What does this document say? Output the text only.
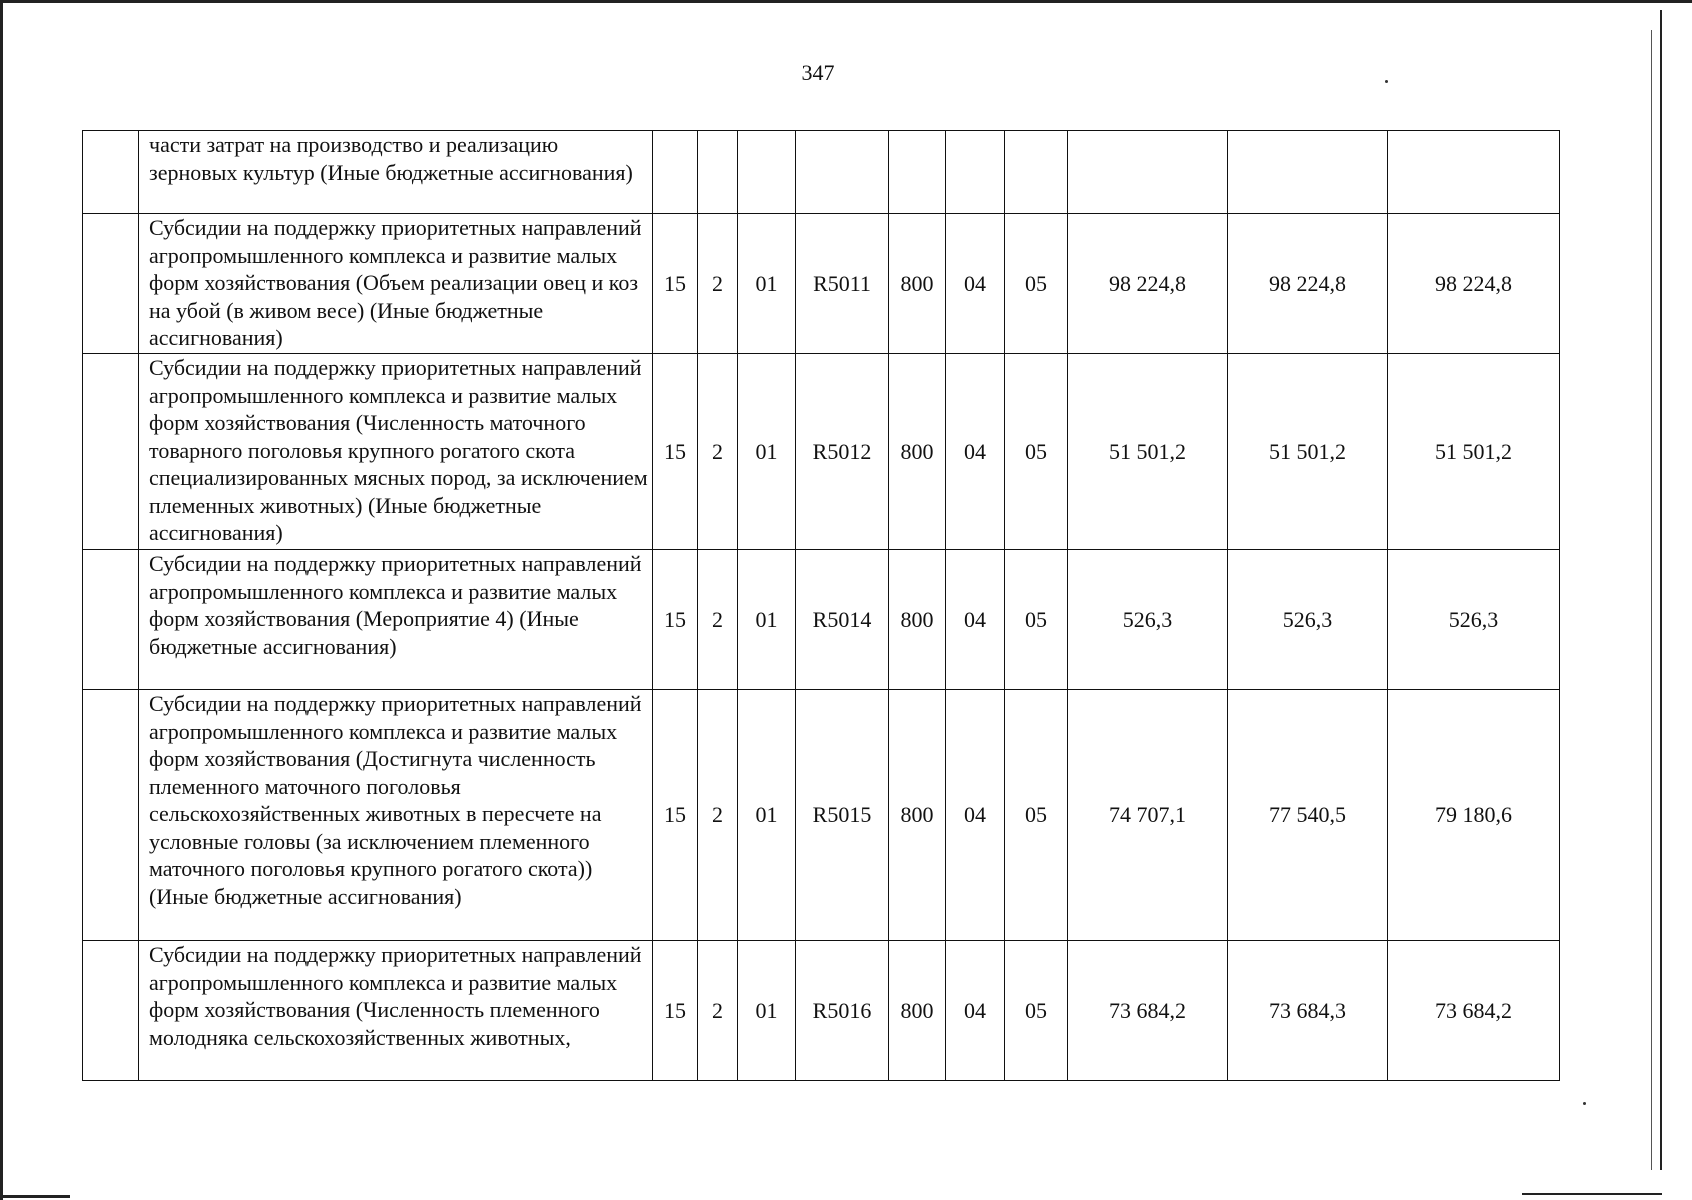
347
	части затрат на производство и реализацию зерновых культур (Иные бюджетные ассигнования)										
	Субсидии на поддержку приоритетных направлений агропромышленного комплекса и развитие малых форм хозяйствования (Объем реализации овец и коз на убой (в живом весе) (Иные бюджетные ассигнования)	15	2	01	R5011	800	04	05	98 224,8	98 224,8	98 224,8
	Субсидии на поддержку приоритетных направлений агропромышленного комплекса и развитие малых форм хозяйствования (Численность маточного товарного поголовья крупного рогатого скота специализированных мясных пород, за исключением племенных животных) (Иные бюджетные ассигнования)	15	2	01	R5012	800	04	05	51 501,2	51 501,2	51 501,2
	Субсидии на поддержку приоритетных направлений агропромышленного комплекса и развитие малых форм хозяйствования (Мероприятие 4) (Иные бюджетные ассигнования)	15	2	01	R5014	800	04	05	526,3	526,3	526,3
	Субсидии на поддержку приоритетных направлений агропромышленного комплекса и развитие малых форм хозяйствования (Достигнута численность племенного маточного поголовья сельскохозяйственных животных в пересчете на условные головы (за исключением племенного маточного поголовья крупного рогатого скота)) (Иные бюджетные ассигнования)	15	2	01	R5015	800	04	05	74 707,1	77 540,5	79 180,6
	Субсидии на поддержку приоритетных направлений агропромышленного комплекса и развитие малых форм хозяйствования (Численность племенного молодняка сельскохозяйственных животных,	15	2	01	R5016	800	04	05	73 684,2	73 684,3	73 684,2
